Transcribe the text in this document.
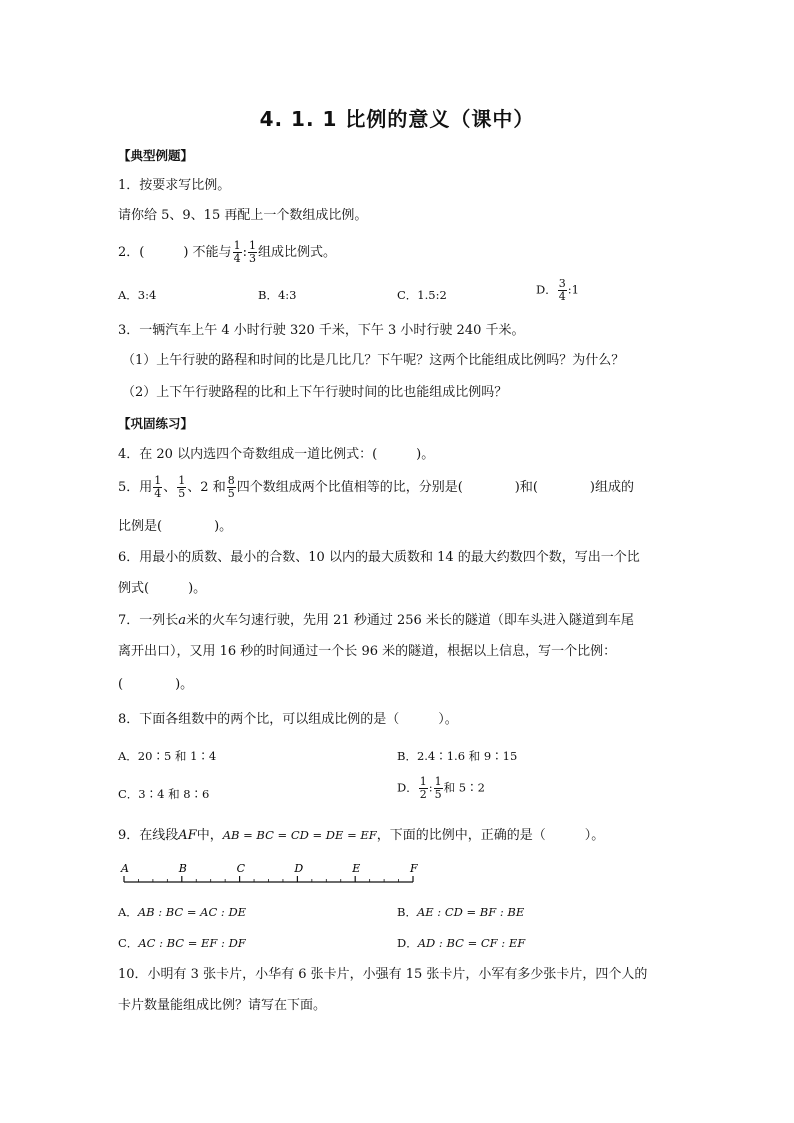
4. 1. 1 比例的意义（课中）
【典型例题】
1．按要求写比例。
请你给 5、9、15 再配上一个数组成比例。
2．(　　　) 不能与 $\frac{1}{4}$ : $\frac{1}{3}$ 组成比例式。
A．3:4	B．4:3	C．1.5:2	D． $\frac{3}{4}$ :1
3．一辆汽车上午 4 小时行驶 320 千米，下午 3 小时行驶 240 千米。
（1）上午行驶的路程和时间的比是几比几？下午呢？这两个比能组成比例吗？为什么？
（2）上下午行驶路程的比和上下午行驶时间的比也能组成比例吗？
【巩固练习】
4．在 20 以内选四个奇数组成一道比例式：(　　　)。
5．用 $\frac{1}{4}$ 、 $\frac{1}{5}$ 、2 和 $\frac{8}{5}$ 四个数组成两个比值相等的比，分别是(　　　　)和(　　　　)组成的
比例是(　　　　)。
6．用最小的质数、最小的合数、10 以内的最大质数和 14 的最大约数四个数，写出一个比
例式(　　　)。
7．一列长a米的火车匀速行驶，先用 21 秒通过 256 米长的隧道（即车头进入隧道到车尾
离开出口），又用 16 秒的时间通过一个长 96 米的隧道，根据以上信息，写一个比例：
(　　　　)。
8．下面各组数中的两个比，可以组成比例的是（　　　）。
A．20∶5 和 1∶4	B．2.4∶1.6 和 9∶15
C．3∶4 和 8∶6	D． $\frac{1}{2}$ : $\frac{1}{5}$ 和 5∶2
9．在线段AF中，AB = BC = CD = DE = EF，下面的比例中，正确的是（　　　）。
A	B	C	D	E	F
A．AB : BC = AC : DE	B．AE : CD = BF : BE
C．AC : BC = EF : DF	D．AD : BC = CF : EF
10．小明有 3 张卡片，小华有 6 张卡片，小强有 15 张卡片，小军有多少张卡片，四个人的
卡片数量能组成比例？请写在下面。
